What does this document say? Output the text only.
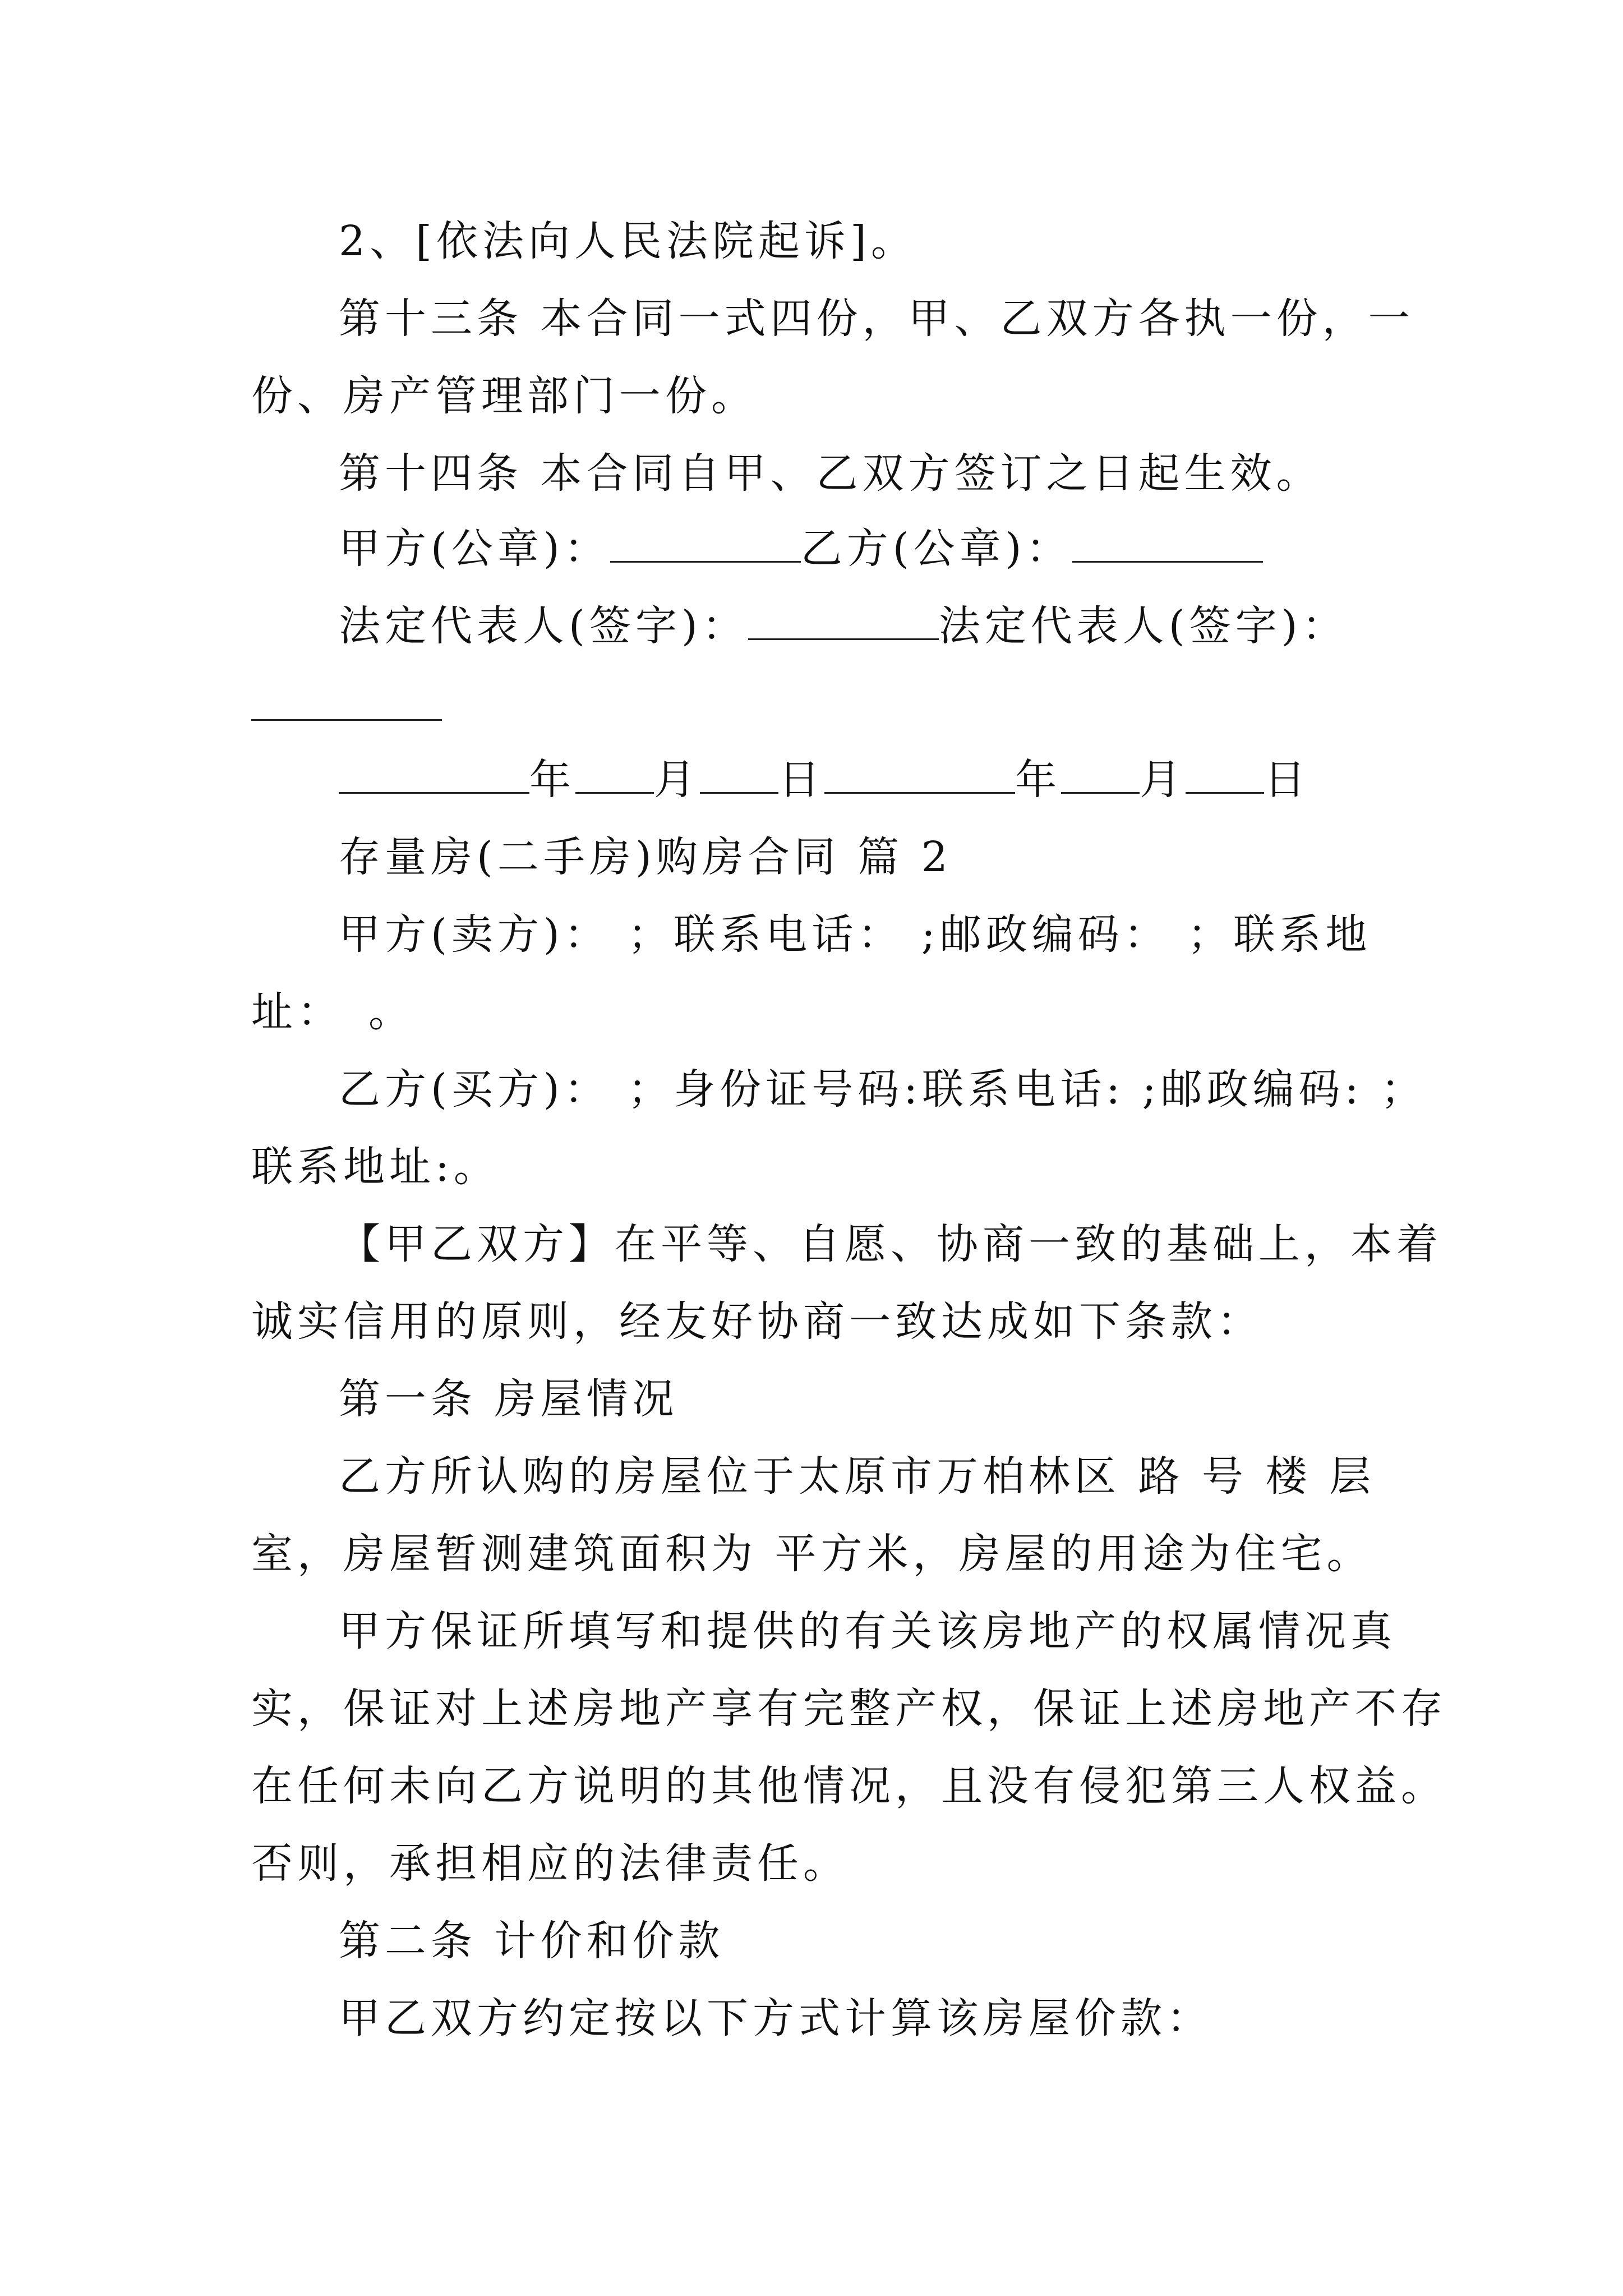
2、[依法向人民法院起诉]。
第十三条 本合同一式四份，甲、乙双方各执一份，一
份、房产管理部门一份。
第十四条 本合同自甲、乙双方签订之日起生效。
甲方(公章)：	乙方(公章)：
法定代表人(签字)：	法定代表人(签字)：
年 月 日	年 月 日
存量房(二手房)购房合同 篇 2
甲方(卖方)： ；联系电话： ;邮政编码： ；联系地
址：　。
乙方(买方)： ；身份证号码:联系电话: ;邮政编码: ；
联系地址:。
【甲乙双方】在平等、自愿、协商一致的基础上，本着
诚实信用的原则，经友好协商一致达成如下条款：
第一条 房屋情况
乙方所认购的房屋位于太原市万柏林区 路 号 楼 层
室，房屋暂测建筑面积为 平方米，房屋的用途为住宅。
甲方保证所填写和提供的有关该房地产的权属情况真
实，保证对上述房地产享有完整产权，保证上述房地产不存
在任何未向乙方说明的其他情况，且没有侵犯第三人权益。
否则，承担相应的法律责任。
第二条 计价和价款
甲乙双方约定按以下方式计算该房屋价款：
